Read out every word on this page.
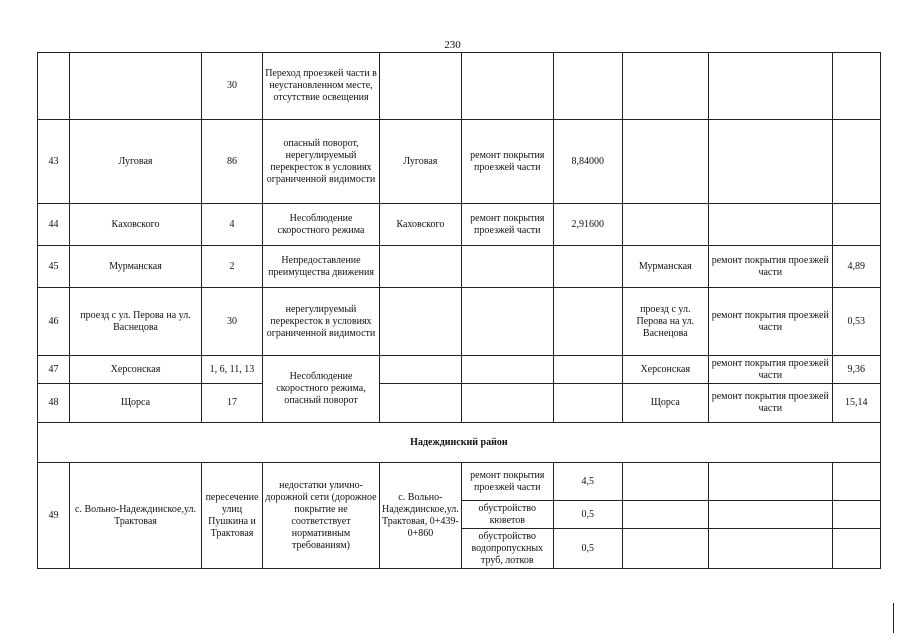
230
		30	Переход проезжей части в неустановленном месте, отсутствие освещения						
43	Луговая	86	опасный поворот, нерегулируемый перекресток в условиях ограниченной видимости	Луговая	ремонт покрытия проезжей части	8,84000			
44	Каховского	4	Несоблюдение скоростного режима	Каховского	ремонт покрытия проезжей части	2,91600			
45	Мурманская	2	Непредоставление преимущества движения				Мурманская	ремонт покрытия проезжей части	4,89
46	проезд с ул. Перова на ул. Васнецова	30	нерегулируемый перекресток в условиях ограниченной видимости				проезд с ул. Перова на ул. Васнецова	ремонт покрытия проезжей части	0,53
47	Херсонская	1, 6, 11, 13	Несоблюдение скоростного режима, опасный поворот				Херсонская	ремонт покрытия проезжей части	9,36
48	Щорса	17					Щорса	ремонт покрытия проезжей части	15,14
Надеждинский район									
49	с. Вольно-Надеждинское,ул. Трактовая	пересечение улиц Пушкина и Трактовая	недостатки улично-дорожной сети (дорожное покрытие не соответствует нормативным требованиям)	с. Вольно-Надеждинское,ул. Трактовая, 0+439-0+860	ремонт покрытия проезжей части	4,5			
					обустройство кюветов	0,5			
					обустройство водопропускных труб, лотков	0,5			
